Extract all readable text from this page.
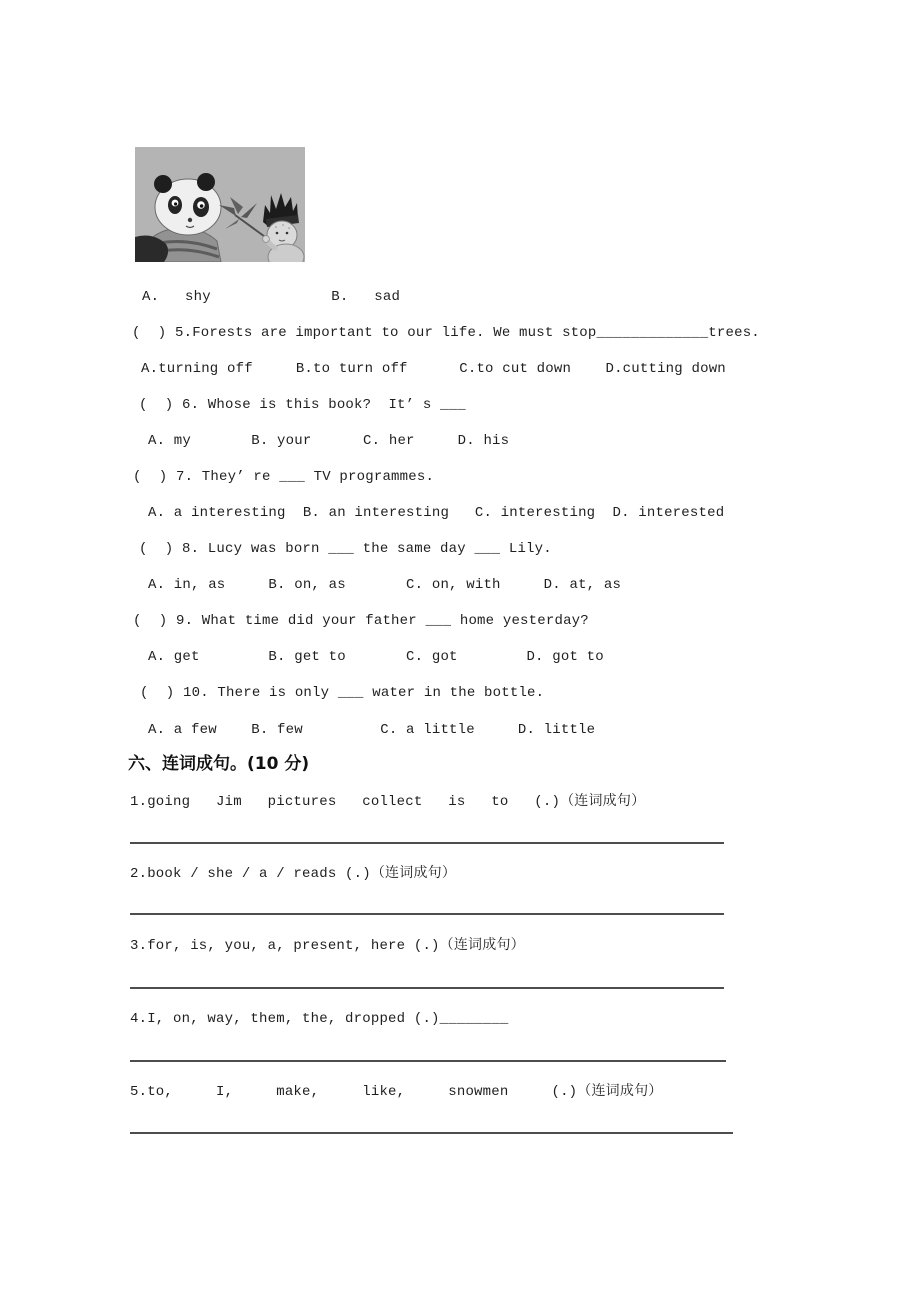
A.   shy              B.   sad
(  ) 5.Forests are important to our life. We must stop_____________trees.
A.turning off     B.to turn off      C.to cut down    D.cutting down
(  ) 6. Whose is this book?  It’ s ___
A. my       B. your      C. her     D. his
(  ) 7. They’ re ___ TV programmes.
A. a interesting  B. an interesting   C. interesting  D. interested
(  ) 8. Lucy was born ___ the same day ___ Lily.
A. in, as     B. on, as       C. on, with     D. at, as
(  ) 9. What time did your father ___ home yesterday?
A. get        B. get to       C. got        D. got to
(  ) 10. There is only ___ water in the bottle.
A. a few    B. few         C. a little     D. little
六、连词成句。(10 分)
1.going   Jim   pictures   collect   is   to   (.)（连词成句）
2.book / she / a / reads (.)（连词成句）
3.for, is, you, a, present, here (.)（连词成句）
4.I, on, way, them, the, dropped (.)________
5.to,     I,     make,     like,     snowmen     (.)（连词成句）
